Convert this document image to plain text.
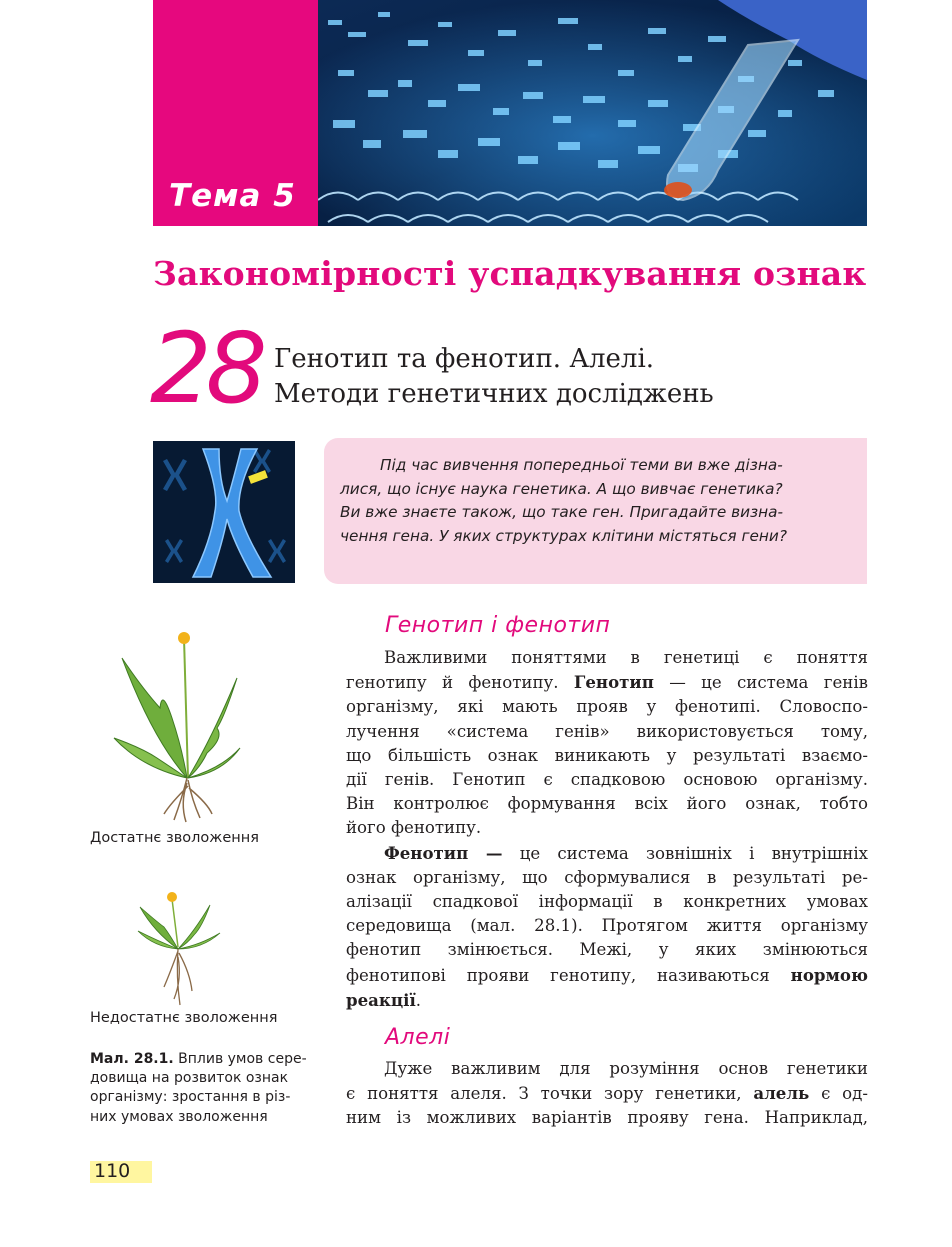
Тема 5
Закономірності успадкування ознак
28 Генотип та фенотип. Алелі.
Методи генетичних досліджень
Під час вивчення попередньої теми ви вже дізна-
лися, що існує наука генетика. А що вивчає генетика?
Ви вже знаєте також, що таке ген. Пригадайте визна-
чення гена. У яких структурах клітини містяться гени?
Достатнє зволоження
Недостатнє зволоження
Мал. 28.1. Вплив умов сере-
довища на розвиток ознак
організму: зростання в різ-
них умовах зволоження
Генотип і фенотип
Важливими поняттями в генетиці є поняття
генотипу й фенотипу. Генотип — це система генів
організму, які мають прояв у фенотипі. Словоспо-
лучення «система генів» використовується тому,
що більшість ознак виникають у результаті взаємо-
дії генів. Генотип є спадковою основою організму.
Він контролює формування всіх його ознак, тобто
його фенотипу.
Фенотип — це система зовнішніх і внутрішніх
ознак організму, що сформувалися в результаті ре-
алізації спадкової інформації в конкретних умовах
середовища (мал. 28.1). Протягом життя організму
фенотип змінюється. Межі, у яких змінюються
фенотипові прояви генотипу, називаються нормою
реакції.
Алелі
Дуже важливим для розуміння основ генетики
є поняття алеля. З точки зору генетики, алель є од-
ним із можливих варіантів прояву гена. Наприклад,
110
